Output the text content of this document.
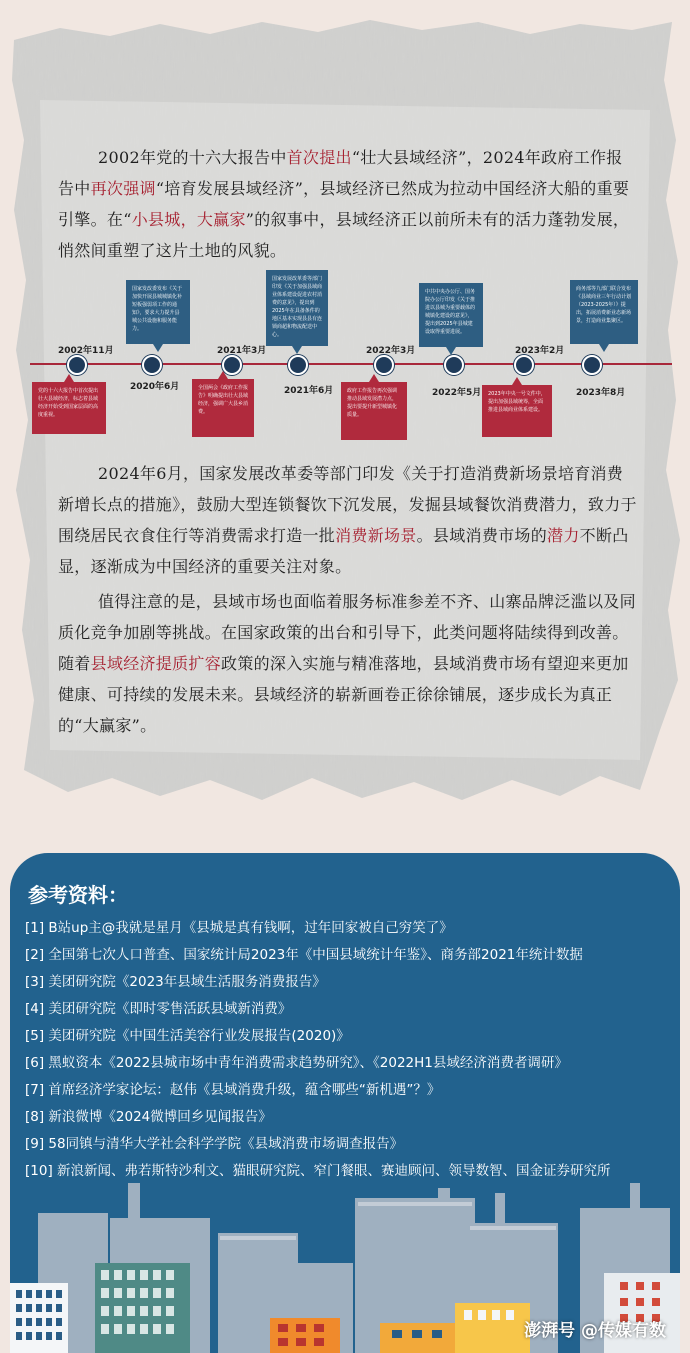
2002年党的十六大报告中首次提出“壮大县域经济”，2024年政府工作报告中再次强调“培育发展县域经济”，县域经济已然成为拉动中国经济大船的重要引擎。在“小县城，大赢家”的叙事中，县域经济正以前所未有的活力蓬勃发展，悄然间重塑了这片土地的风貌。

2002年11月
2020年6月
2021年3月
2021年6月
2022年3月
2022年5月
2023年2月
2023年8月
党的十六大报告中首次提出壮大县域经济，标志着县域经济开始受到国家层面的高度重视。
国家发改委发布《关于加快开展县城城镇化补短板强弱项工作的通知》，要求大力提升县城公共设施和服务能力。
全国两会《政府工作报告》明确提出壮大县域经济，强调广大县乡消费。
国家发展改革委等部门印发《关于加强县域商业体系建设促进农村消费的意见》，提出到2025年在具备条件的地区基本实现县县有连锁商超和物流配送中心。
政府工作报告再次强调推动县域发展潜力点，提出要提升新型城镇化质量。
中共中央办公厅、国务院办公厅印发《关于推进以县城为重要载体的城镇化建设的意见》，提出到2025年县城建设取得重要进展。
2023年中央一号文件中，提出加强县域统筹，全面推进县域商业体系建设。
商务部等九部门联合发布《县域商业三年行动计划（2023-2025年）》提出，拓展消费新业态新场景，打造商业集聚区。

2024年6月，国家发展改革委等部门印发《关于打造消费新场景培育消费新增长点的措施》，鼓励大型连锁餐饮下沉发展，发掘县域餐饮消费潜力，致力于围绕居民衣食住行等消费需求打造一批消费新场景。县域消费市场的潜力不断凸显，逐渐成为中国经济的重要关注对象。

值得注意的是，县域市场也面临着服务标准参差不齐、山寨品牌泛滥以及同质化竞争加剧等挑战。在国家政策的出台和引导下，此类问题将陆续得到改善。随着县域经济提质扩容政策的深入实施与精准落地，县域消费市场有望迎来更加健康、可持续的发展未来。县域经济的崭新画卷正徐徐铺展，逐步成长为真正的“大赢家”。

参考资料：
[1] B站up主@我就是星月《县城是真有钱啊，过年回家被自己穷笑了》
[2] 全国第七次人口普查、国家统计局2023年《中国县域统计年鉴》、商务部2021年统计数据
[3] 美团研究院《2023年县域生活服务消费报告》
[4] 美团研究院《即时零售活跃县域新消费》
[5] 美团研究院《中国生活美容行业发展报告(2020)》
[6] 黑蚁资本《2022县城市场中青年消费需求趋势研究》、《2022H1县域经济消费者调研》
[7] 首席经济学家论坛：赵伟《县域消费升级，蕴含哪些“新机遇”？》
[8] 新浪微博《2024微博回乡见闻报告》
[9] 58同镇与清华大学社会科学学院《县域消费市场调查报告》
[10] 新浪新闻、弗若斯特沙利文、猫眼研究院、窄门餐眼、赛迪顾问、领导数智、国金证券研究所
澎湃号 @传媒有数
